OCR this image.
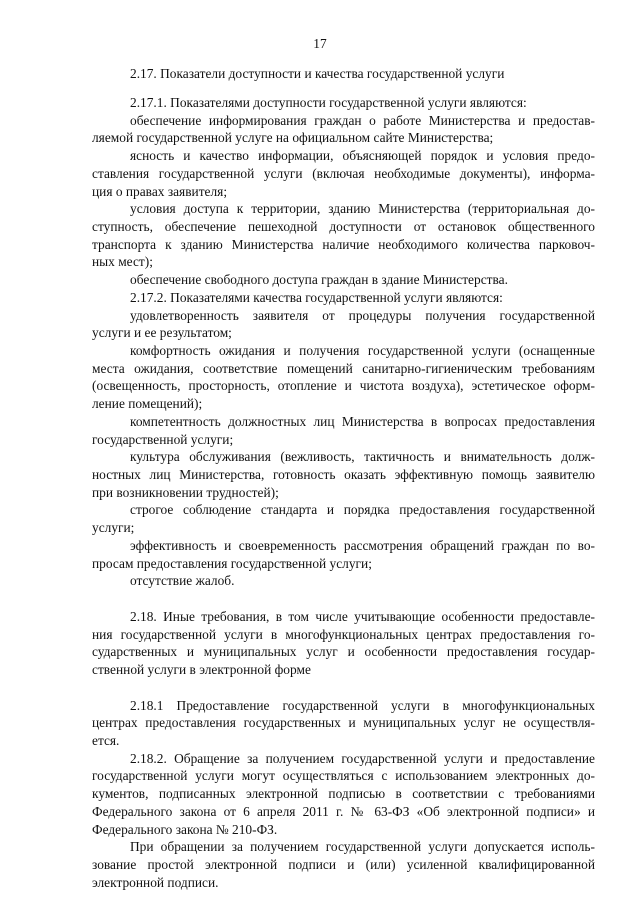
17
2.17. Показатели доступности и качества государственной услуги
2.17.1. Показателями доступности государственной услуги являются:
обеспечение информирования граждан о работе Министерства и предостав-
ляемой государственной услуге на официальном сайте Министерства;
ясность и качество информации, объясняющей порядок и условия предо-
ставления государственной услуги (включая необходимые документы), информа-
ция о правах заявителя;
условия доступа к территории, зданию Министерства (территориальная до-
ступность, обеспечение пешеходной доступности от остановок общественного
транспорта к зданию Министерства наличие необходимого количества парковоч-
ных мест);
обеспечение свободного доступа граждан в здание Министерства.
2.17.2. Показателями качества государственной услуги являются:
удовлетворенность заявителя от процедуры получения государственной
услуги и ее результатом;
комфортность ожидания и получения государственной услуги (оснащенные
места ожидания, соответствие помещений санитарно-гигиеническим требованиям
(освещенность, просторность, отопление и чистота воздуха), эстетическое оформ-
ление помещений);
компетентность должностных лиц Министерства в вопросах предоставления
государственной услуги;
культура обслуживания (вежливость, тактичность и внимательность долж-
ностных лиц Министерства, готовность оказать эффективную помощь заявителю
при возникновении трудностей);
строгое соблюдение стандарта и порядка предоставления государственной
услуги;
эффективность и своевременность рассмотрения обращений граждан по во-
просам предоставления государственной услуги;
отсутствие жалоб.
2.18. Иные требования, в том числе учитывающие особенности предоставле-
ния государственной услуги в многофункциональных центрах предоставления го-
сударственных и муниципальных услуг и особенности предоставления государ-
ственной услуги в электронной форме
2.18.1 Предоставление государственной услуги в многофункциональных
центрах предоставления государственных и муниципальных услуг не осуществля-
ется.
2.18.2. Обращение за получением государственной услуги и предоставление
государственной услуги могут осуществляться с использованием электронных до-
кументов, подписанных электронной подписью в соответствии с требованиями
Федерального закона от 6 апреля 2011 г. № 63-ФЗ «Об электронной подписи» и
Федерального закона № 210-ФЗ.
При обращении за получением государственной услуги допускается исполь-
зование простой электронной подписи и (или) усиленной квалифицированной
электронной подписи.
